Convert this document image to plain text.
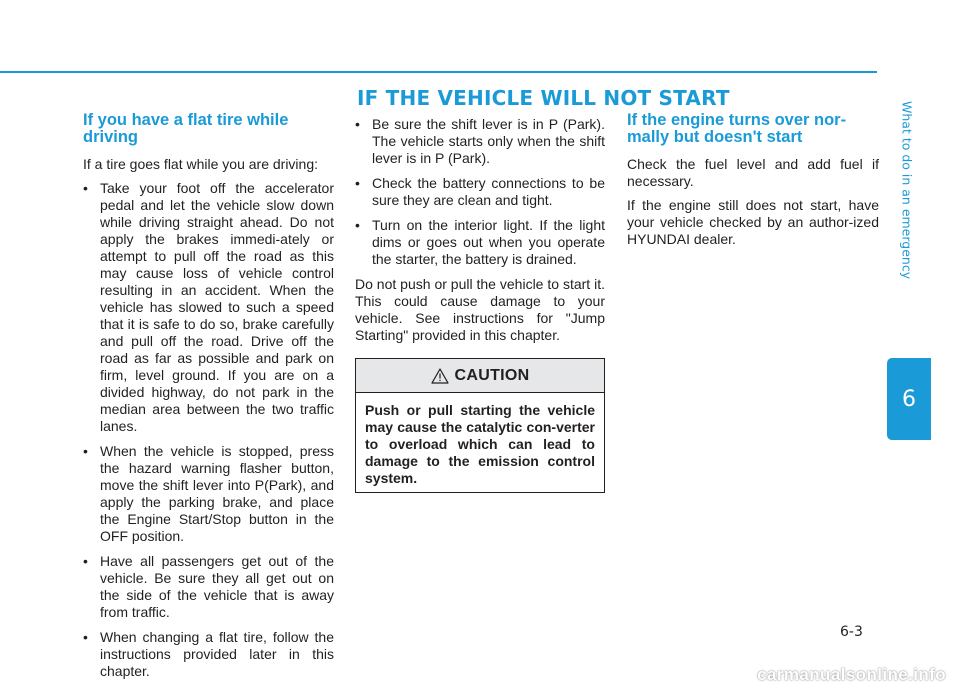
IF THE VEHICLE WILL NOT START
If you have a flat tire while driving

If a tire goes flat while you are driving:

• Take your foot off the accelerator pedal and let the vehicle slow down while driving straight ahead. Do not apply the brakes immedi-ately or attempt to pull off the road as this may cause loss of vehicle control resulting in an accident. When the vehicle has slowed to such a speed that it is safe to do so, brake carefully and pull off the road. Drive off the road as far as possible and park on firm, level ground. If you are on a divided highway, do not park in the median area between the two traffic lanes.
• When the vehicle is stopped, press the hazard warning flasher button, move the shift lever into P(Park), and apply the parking brake, and place the Engine Start/Stop button in the OFF position.
• Have all passengers get out of the vehicle. Be sure they all get out on the side of the vehicle that is away from traffic.
• When changing a flat tire, follow the instructions provided later in this chapter.
• Be sure the shift lever is in P (Park). The vehicle starts only when the shift lever is in P (Park).
• Check the battery connections to be sure they are clean and tight.
• Turn on the interior light. If the light dims or goes out when you operate the starter, the battery is drained.

Do not push or pull the vehicle to start it. This could cause damage to your vehicle. See instructions for "Jump Starting" provided in this chapter.

CAUTION
Push or pull starting the vehicle may cause the catalytic con-verter to overload which can lead to damage to the emission control system.
If the engine turns over nor-mally but doesn't start

Check the fuel level and add fuel if necessary.

If the engine still does not start, have your vehicle checked by an author-ized HYUNDAI dealer.	What to do in an emergency
6
6-3
carmanualsonline.info
